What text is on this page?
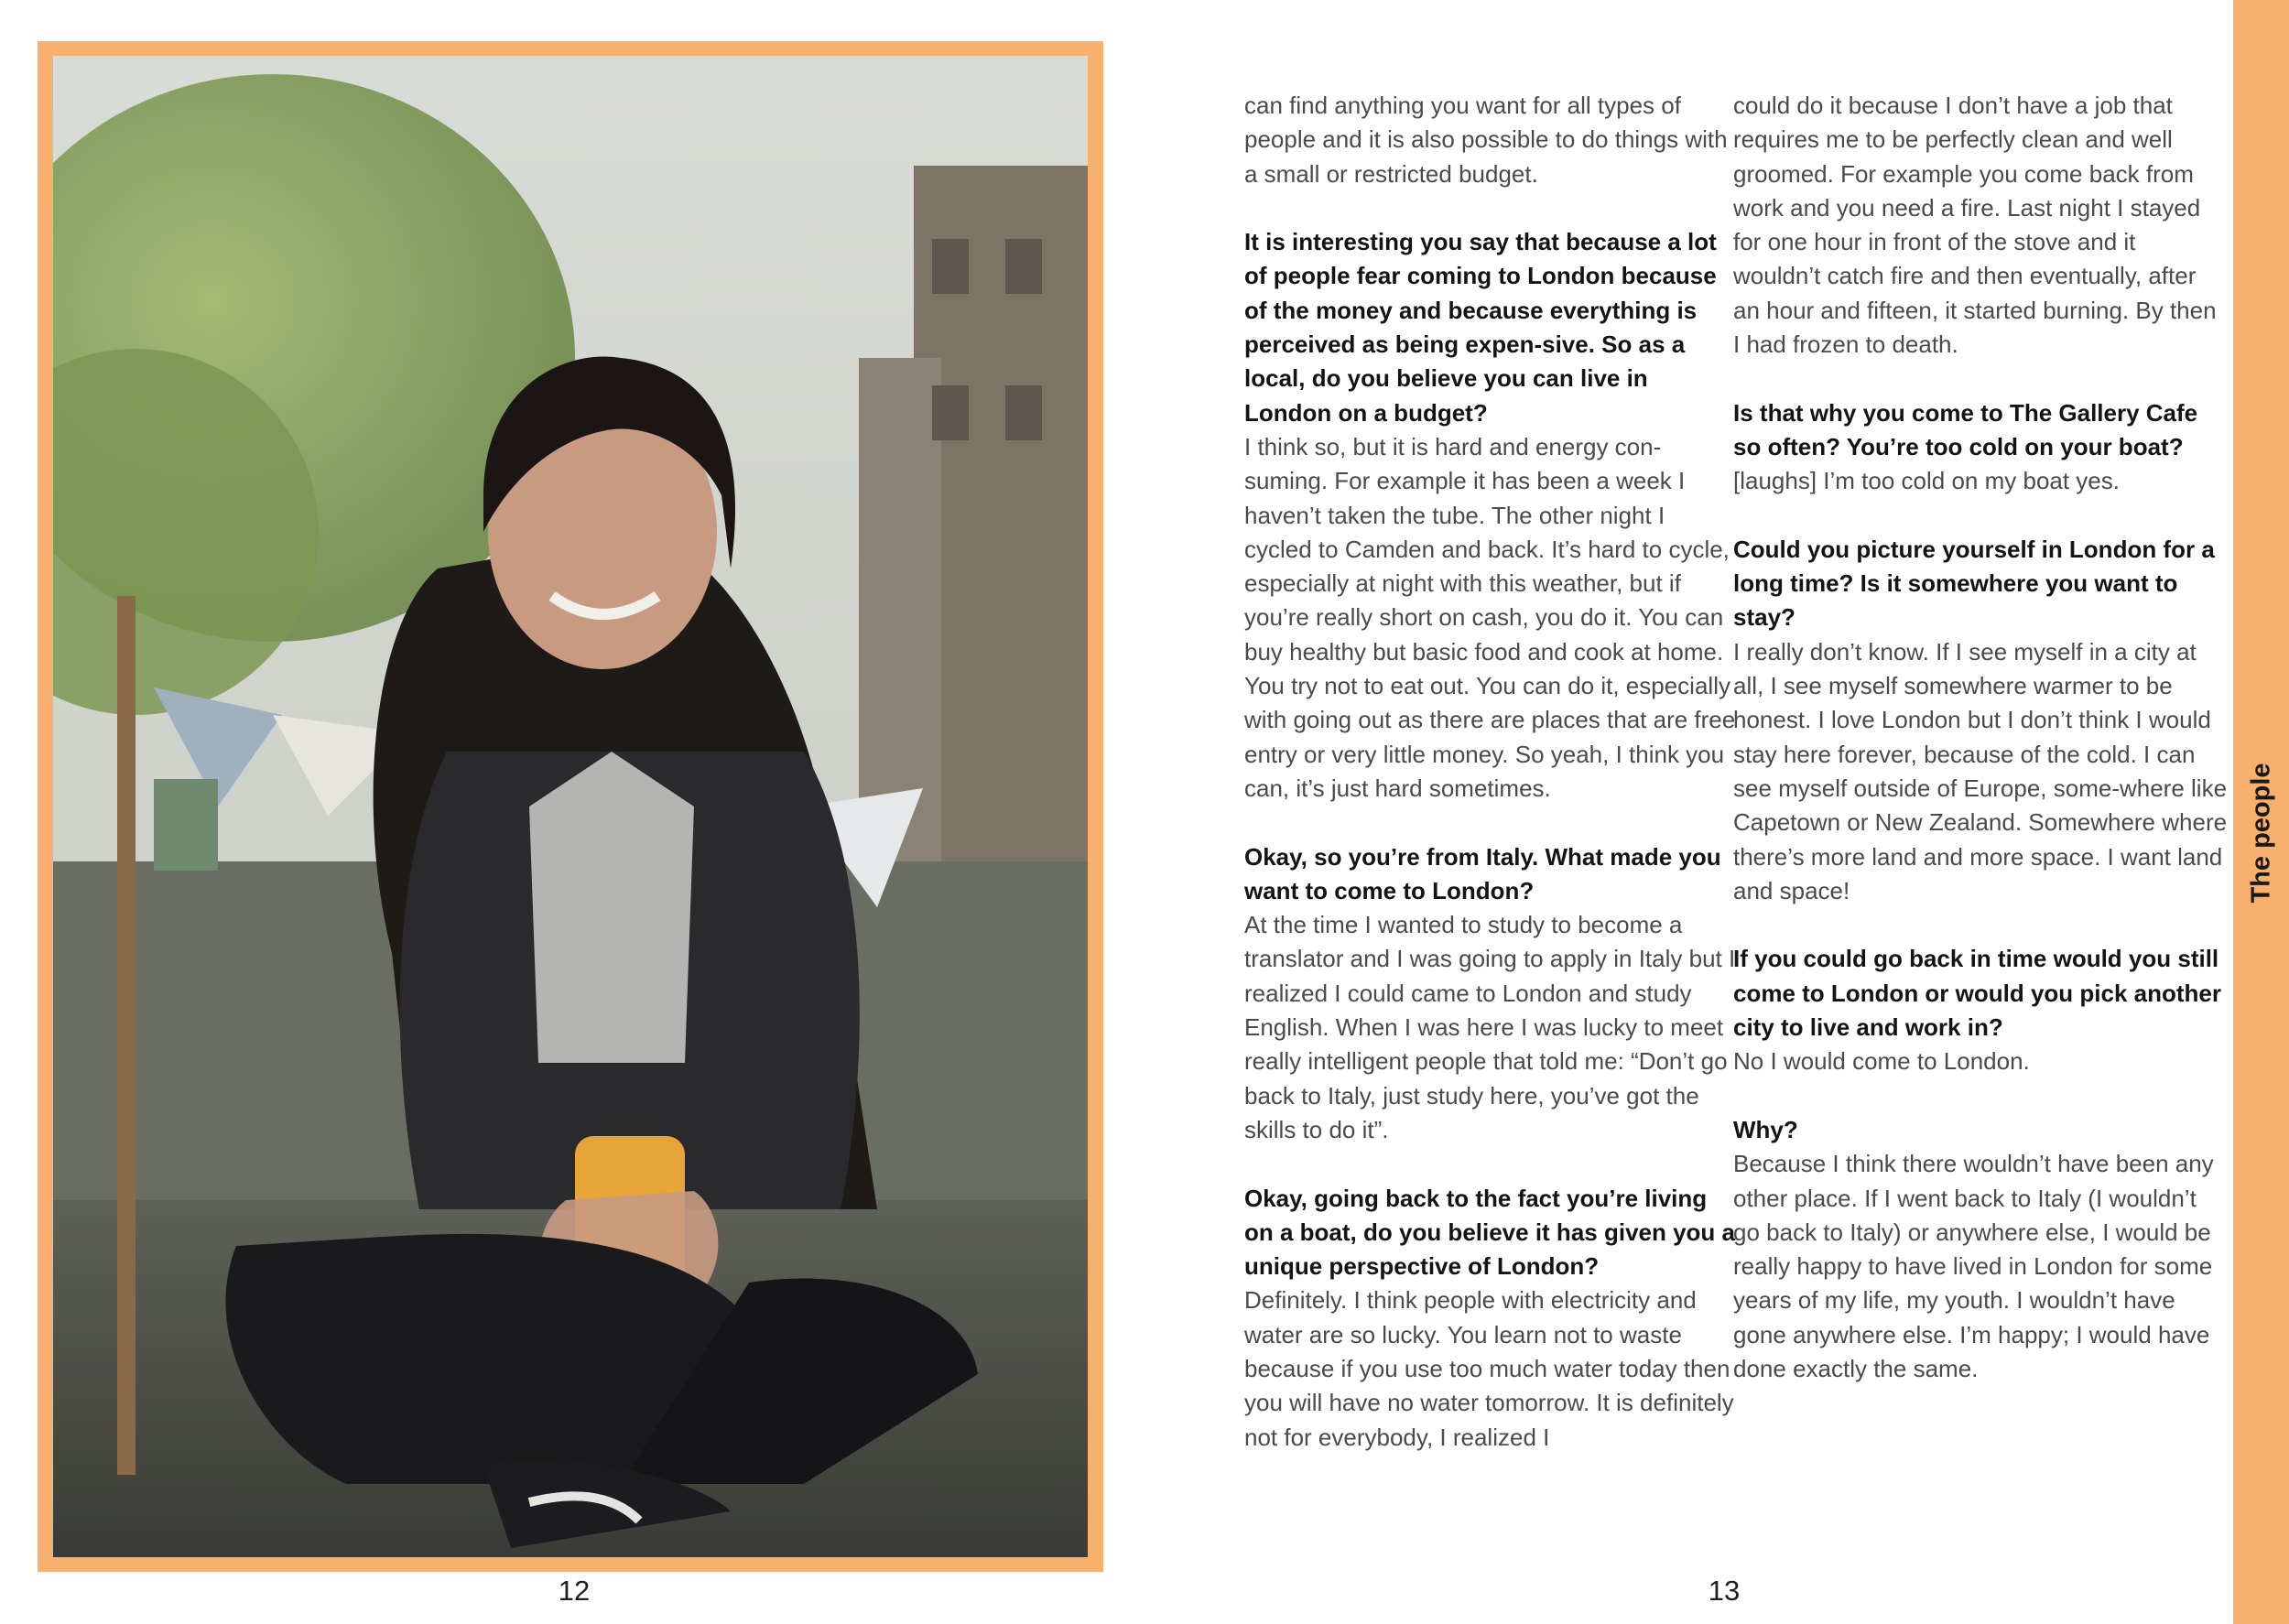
12

can find anything you want for all types of people and it is also possible to do things with a small or restricted budget.

It is interesting you say that because a lot of people fear coming to London because of the money and because everything is perceived as being expen-sive. So as a local, do you believe you can live in London on a budget?
I think so, but it is hard and energy con-suming. For example it has been a week I haven’t taken the tube. The other night I cycled to Camden and back. It’s hard to cycle, especially at night with this weather, but if you’re really short on cash, you do it. You can buy healthy but basic food and cook at home. You try not to eat out. You can do it, especially with going out as there are places that are free entry or very little money. So yeah, I think you can, it’s just hard sometimes.

Okay, so you’re from Italy. What made you want to come to London?
At the time I wanted to study to become a translator and I was going to apply in Italy but I realized I could came to London and study English. When I was here I was lucky to meet really intelligent people that told me: “Don’t go back to Italy, just study here, you’ve got the skills to do it”.

Okay, going back to the fact you’re living on a boat, do you believe it has given you a unique perspective of London?
Definitely. I think people with electricity and water are so lucky. You learn not to waste because if you use too much water today then you will have no water tomorrow. It is definitely not for everybody, I realized I

could do it because I don’t have a job that requires me to be perfectly clean and well groomed. For example you come back from work and you need a fire. Last night I stayed for one hour in front of the stove and it wouldn’t catch fire and then eventually, after an hour and fifteen, it started burning. By then I had frozen to death.

Is that why you come to The Gallery Cafe so often? You’re too cold on your boat?
[laughs] I’m too cold on my boat yes.

Could you picture yourself in London for a long time? Is it somewhere you want to stay?
I really don’t know. If I see myself in a city at all, I see myself somewhere warmer to be honest. I love London but I don’t think I would stay here forever, because of the cold. I can see myself outside of Europe, some-where like Capetown or New Zealand. Somewhere where there’s more land and more space. I want land and space!

If you could go back in time would you still come to London or would you pick another city to live and work in?
No I would come to London.

Why?
Because I think there wouldn’t have been any other place. If I went back to Italy (I wouldn’t go back to Italy) or anywhere else, I would be really happy to have lived in London for some years of my life, my youth. I wouldn’t have gone anywhere else. I’m happy; I would have done exactly the same.

13
The people
